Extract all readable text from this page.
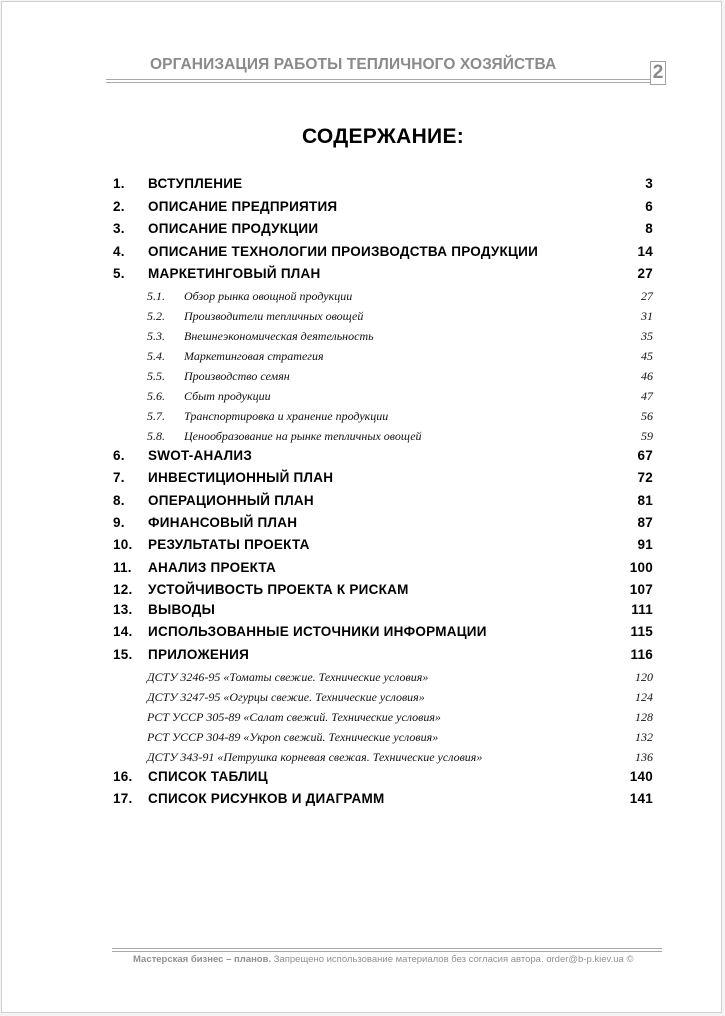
ОРГАНИЗАЦИЯ РАБОТЫ ТЕПЛИЧНОГО ХОЗЯЙСТВА	2
СОДЕРЖАНИЕ:
1. ВСТУПЛЕНИЕ	3
2. ОПИСАНИЕ ПРЕДПРИЯТИЯ	6
3. ОПИСАНИЕ ПРОДУКЦИИ	8
4. ОПИСАНИЕ ТЕХНОЛОГИИ ПРОИЗВОДСТВА ПРОДУКЦИИ	14
5. МАРКЕТИНГОВЫЙ ПЛАН	27
5.1. Обзор рынка овощной продукции	27
5.2. Производители тепличных овощей	31
5.3. Внешнеэкономическая деятельность	35
5.4. Маркетинговая стратегия	45
5.5. Производство семян	46
5.6. Сбыт продукции	47
5.7. Транспортировка и хранение продукции	56
5.8. Ценообразование на рынке тепличных овощей	59
6. SWOT-АНАЛИЗ	67
7. ИНВЕСТИЦИОННЫЙ ПЛАН	72
8. ОПЕРАЦИОННЫЙ ПЛАН	81
9. ФИНАНСОВЫЙ ПЛАН	87
10. РЕЗУЛЬТАТЫ ПРОЕКТА	91
11. АНАЛИЗ ПРОЕКТА	100
12. УСТОЙЧИВОСТЬ ПРОЕКТА К РИСКАМ	107
13. ВЫВОДЫ	111
14. ИСПОЛЬЗОВАННЫЕ ИСТОЧНИКИ ИНФОРМАЦИИ	115
15. ПРИЛОЖЕНИЯ	116
ДСТУ 3246-95 «Томаты свежие. Технические условия»	120
ДСТУ 3247-95 «Огурцы свежие. Технические условия»	124
РСТ УССР 305-89 «Салат свежий. Технические условия»	128
РСТ УССР 304-89 «Укроп свежий. Технические условия»	132
ДСТУ 343-91 «Петрушка корневая свежая. Технические условия»	136
16. СПИСОК ТАБЛИЦ	140
17. СПИСОК РИСУНКОВ И ДИАГРАММ	141
Мастерская бизнес – планов. Запрещено использование материалов без согласия автора. order@b-p.kiev.ua ©
